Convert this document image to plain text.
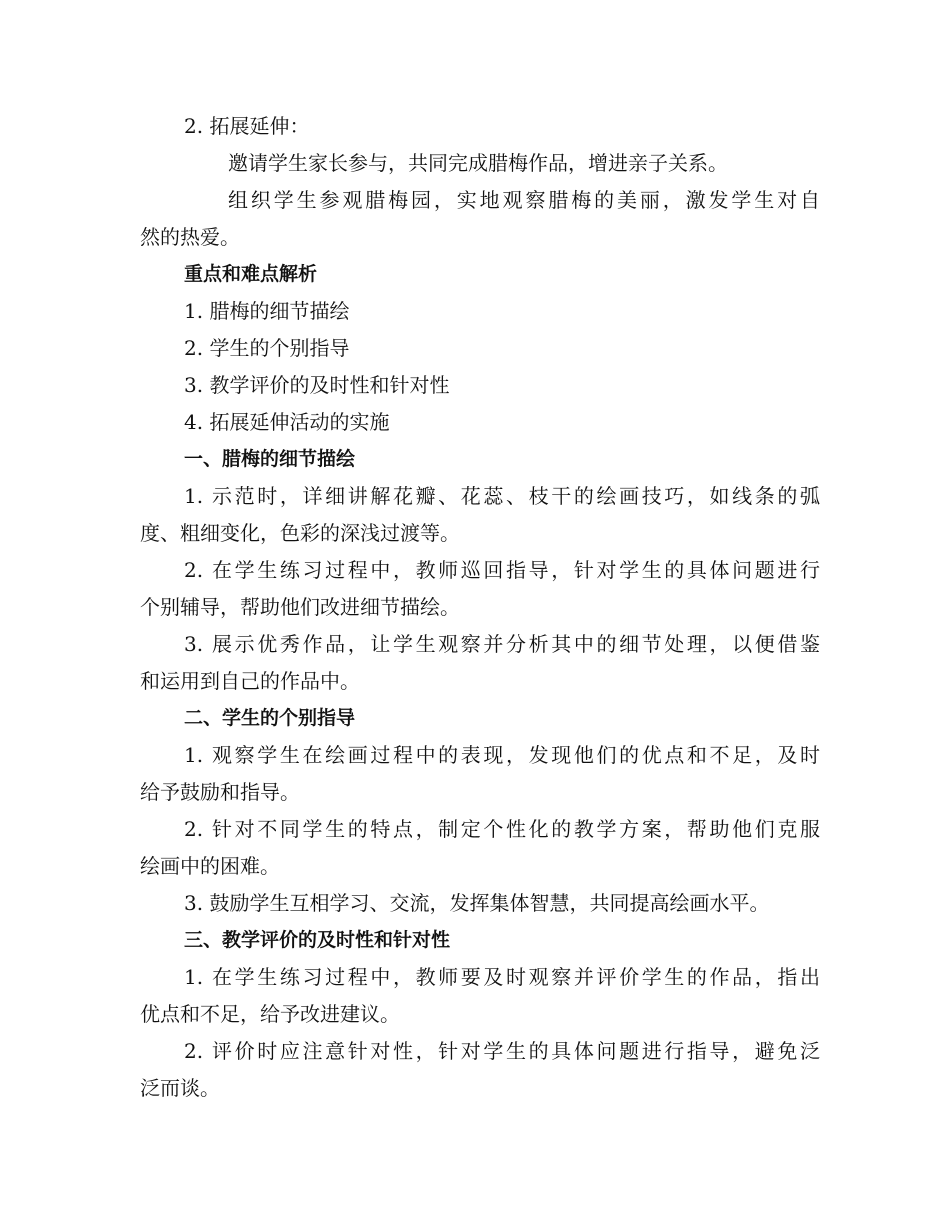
2. 拓展延伸：
邀请学生家长参与，共同完成腊梅作品，增进亲子关系。
组织学生参观腊梅园，实地观察腊梅的美丽，激发学生对自
然的热爱。
重点和难点解析
1. 腊梅的细节描绘
2. 学生的个别指导
3. 教学评价的及时性和针对性
4. 拓展延伸活动的实施
一、腊梅的细节描绘
1. 示范时，详细讲解花瓣、花蕊、枝干的绘画技巧，如线条的弧
度、粗细变化，色彩的深浅过渡等。
2. 在学生练习过程中，教师巡回指导，针对学生的具体问题进行
个别辅导，帮助他们改进细节描绘。
3. 展示优秀作品，让学生观察并分析其中的细节处理，以便借鉴
和运用到自己的作品中。
二、学生的个别指导
1. 观察学生在绘画过程中的表现，发现他们的优点和不足，及时
给予鼓励和指导。
2. 针对不同学生的特点，制定个性化的教学方案，帮助他们克服
绘画中的困难。
3. 鼓励学生互相学习、交流，发挥集体智慧，共同提高绘画水平。
三、教学评价的及时性和针对性
1. 在学生练习过程中，教师要及时观察并评价学生的作品，指出
优点和不足，给予改进建议。
2. 评价时应注意针对性，针对学生的具体问题进行指导，避免泛
泛而谈。
